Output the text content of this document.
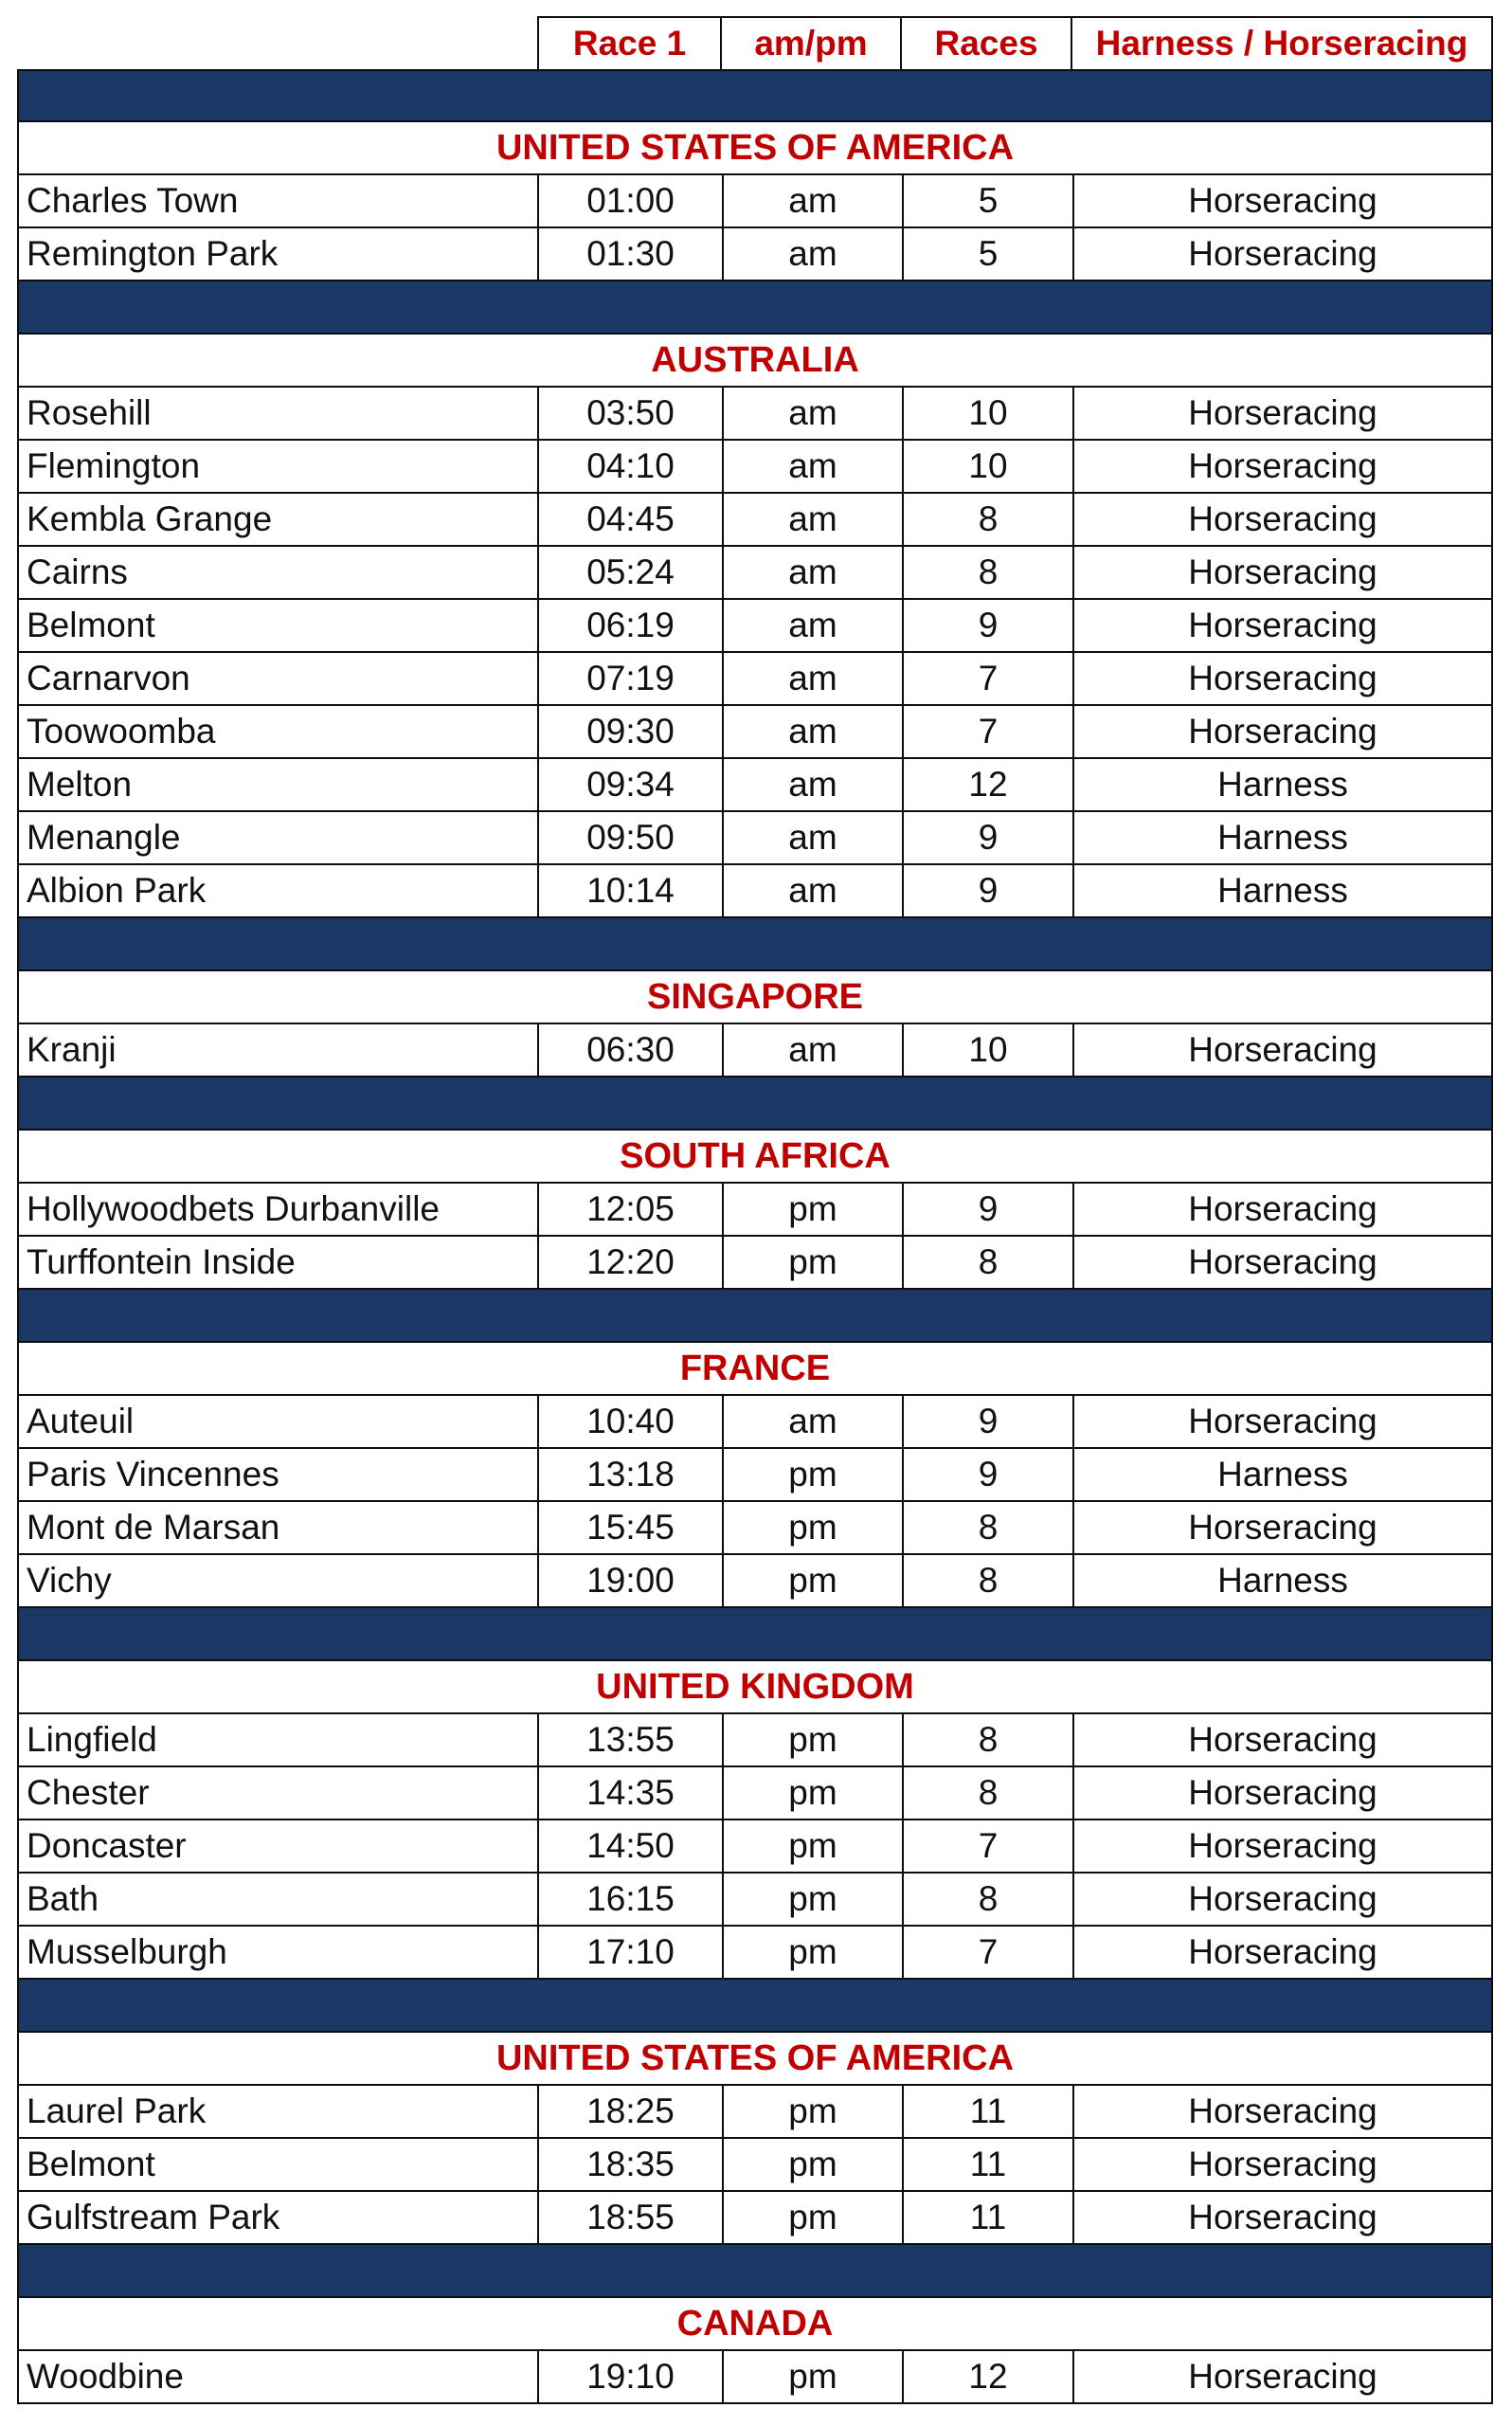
Race 1	am/pm	Races	Harness / Horseracing
UNITED STATES OF AMERICA
Charles Town	01:00	am	5	Horseracing
Remington Park	01:30	am	5	Horseracing
AUSTRALIA
Rosehill	03:50	am	10	Horseracing
Flemington	04:10	am	10	Horseracing
Kembla Grange	04:45	am	8	Horseracing
Cairns	05:24	am	8	Horseracing
Belmont	06:19	am	9	Horseracing
Carnarvon	07:19	am	7	Horseracing
Toowoomba	09:30	am	7	Horseracing
Melton	09:34	am	12	Harness
Menangle	09:50	am	9	Harness
Albion Park	10:14	am	9	Harness
SINGAPORE
Kranji	06:30	am	10	Horseracing
SOUTH AFRICA
Hollywoodbets Durbanville	12:05	pm	9	Horseracing
Turffontein Inside	12:20	pm	8	Horseracing
FRANCE
Auteuil	10:40	am	9	Horseracing
Paris Vincennes	13:18	pm	9	Harness
Mont de Marsan	15:45	pm	8	Horseracing
Vichy	19:00	pm	8	Harness
UNITED KINGDOM
Lingfield	13:55	pm	8	Horseracing
Chester	14:35	pm	8	Horseracing
Doncaster	14:50	pm	7	Horseracing
Bath	16:15	pm	8	Horseracing
Musselburgh	17:10	pm	7	Horseracing
UNITED STATES OF AMERICA
Laurel Park	18:25	pm	11	Horseracing
Belmont	18:35	pm	11	Horseracing
Gulfstream Park	18:55	pm	11	Horseracing
CANADA
Woodbine	19:10	pm	12	Horseracing
